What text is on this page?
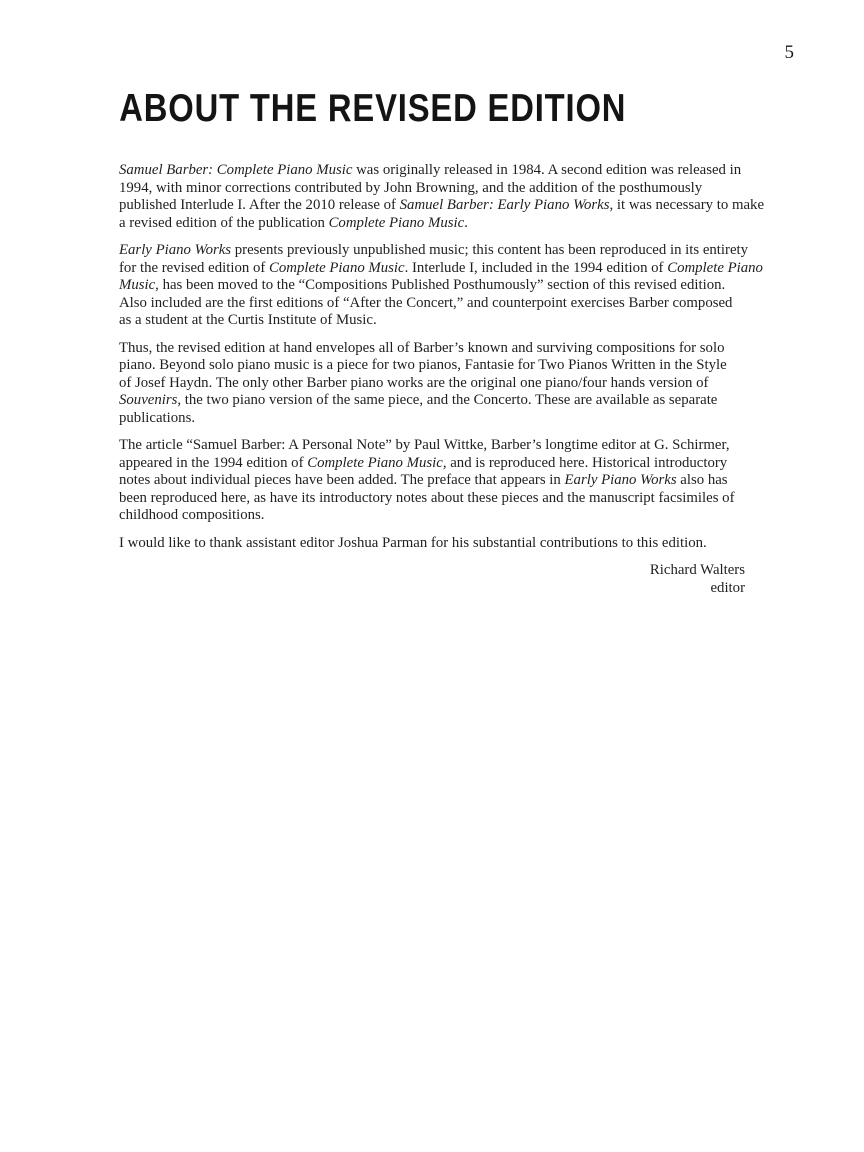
5
ABOUT THE REVISED EDITION
Samuel Barber: Complete Piano Music was originally released in 1984. A second edition was released in
1994, with minor corrections contributed by John Browning, and the addition of the posthumously
published Interlude I. After the 2010 release of Samuel Barber: Early Piano Works, it was necessary to make
a revised edition of the publication Complete Piano Music.
Early Piano Works presents previously unpublished music; this content has been reproduced in its entirety
for the revised edition of Complete Piano Music. Interlude I, included in the 1994 edition of Complete Piano
Music, has been moved to the “Compositions Published Posthumously” section of this revised edition.
Also included are the first editions of “After the Concert,” and counterpoint exercises Barber composed
as a student at the Curtis Institute of Music.
Thus, the revised edition at hand envelopes all of Barber’s known and surviving compositions for solo
piano. Beyond solo piano music is a piece for two pianos, Fantasie for Two Pianos Written in the Style
of Josef Haydn. The only other Barber piano works are the original one piano/four hands version of
Souvenirs, the two piano version of the same piece, and the Concerto. These are available as separate
publications.
The article “Samuel Barber: A Personal Note” by Paul Wittke, Barber’s longtime editor at G. Schirmer,
appeared in the 1994 edition of Complete Piano Music, and is reproduced here. Historical introductory
notes about individual pieces have been added. The preface that appears in Early Piano Works also has
been reproduced here, as have its introductory notes about these pieces and the manuscript facsimiles of
childhood compositions.
I would like to thank assistant editor Joshua Parman for his substantial contributions to this edition.
Richard Walters
editor
